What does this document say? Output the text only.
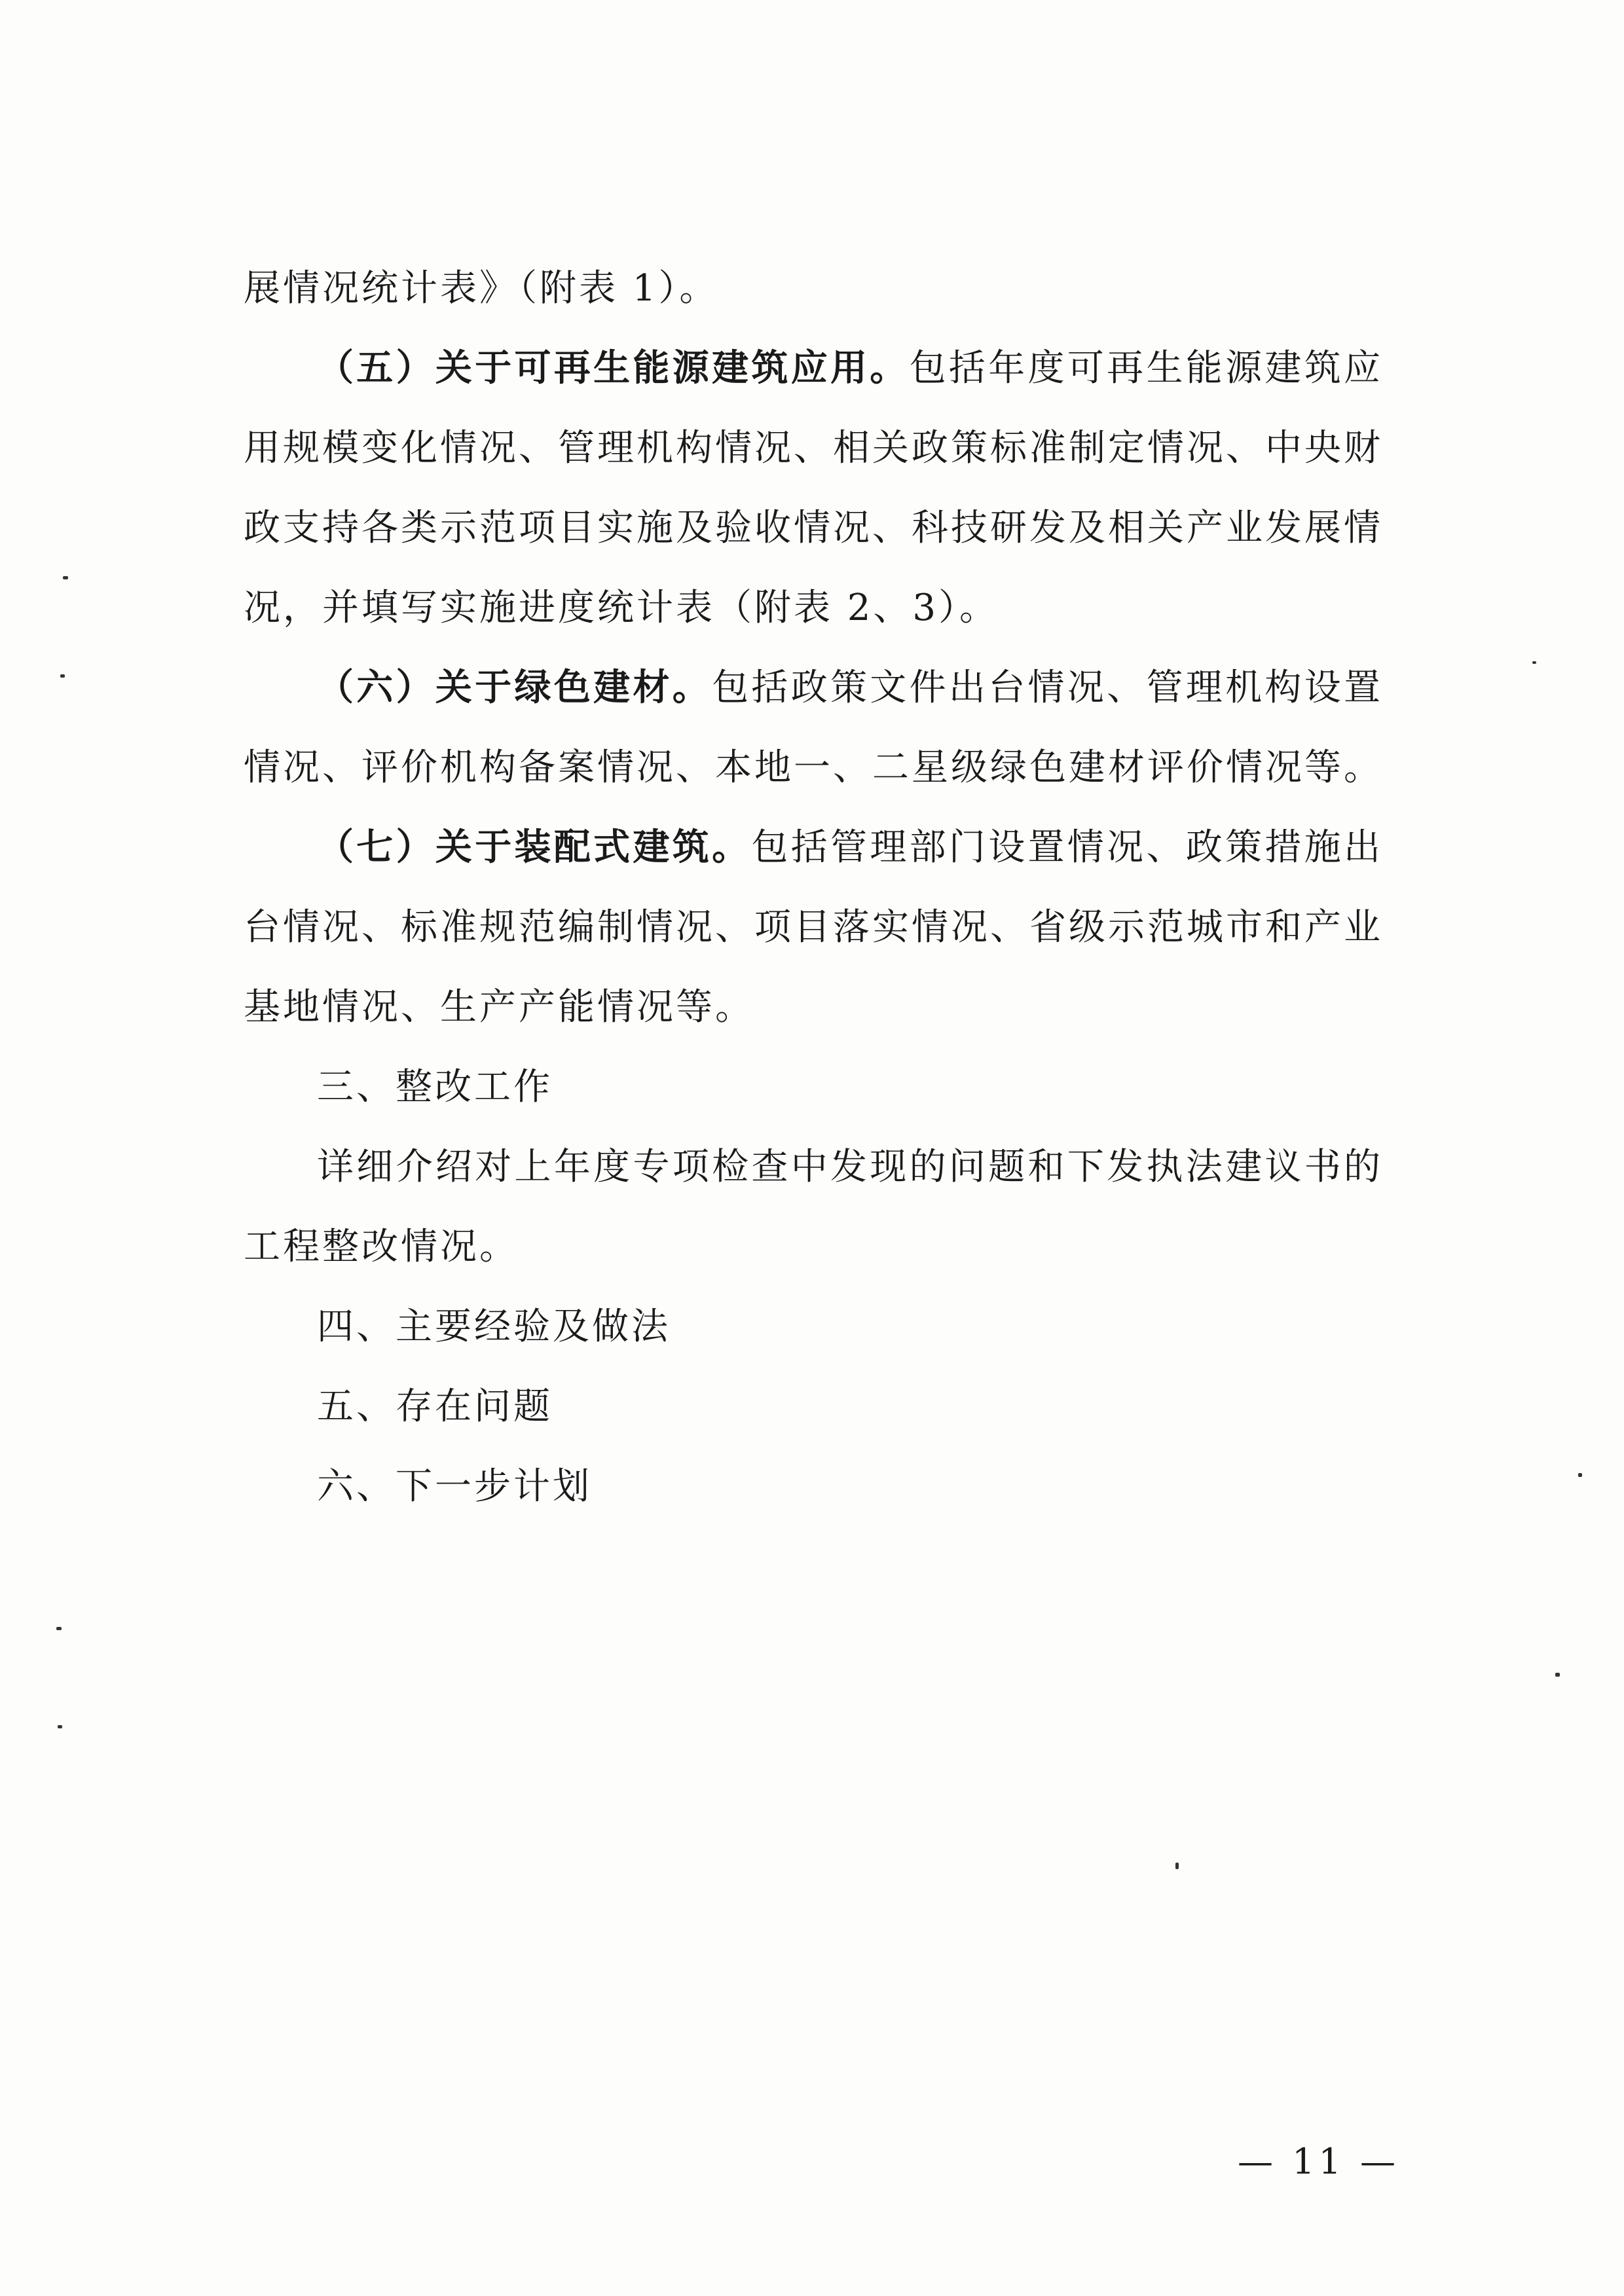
展情况统计表》（附表 1）。

（五）关于可再生能源建筑应用。包括年度可再生能源建筑应用规模变化情况、管理机构情况、相关政策标准制定情况、中央财政支持各类示范项目实施及验收情况、科技研发及相关产业发展情况，并填写实施进度统计表（附表 2、3）。

（六）关于绿色建材。包括政策文件出台情况、管理机构设置情况、评价机构备案情况、本地一、二星级绿色建材评价情况等。

（七）关于装配式建筑。包括管理部门设置情况、政策措施出台情况、标准规范编制情况、项目落实情况、省级示范城市和产业基地情况、生产产能情况等。

三、整改工作

详细介绍对上年度专项检查中发现的问题和下发执法建议书的工程整改情况。

四、主要经验及做法

五、存在问题

六、下一步计划

— 11 —
